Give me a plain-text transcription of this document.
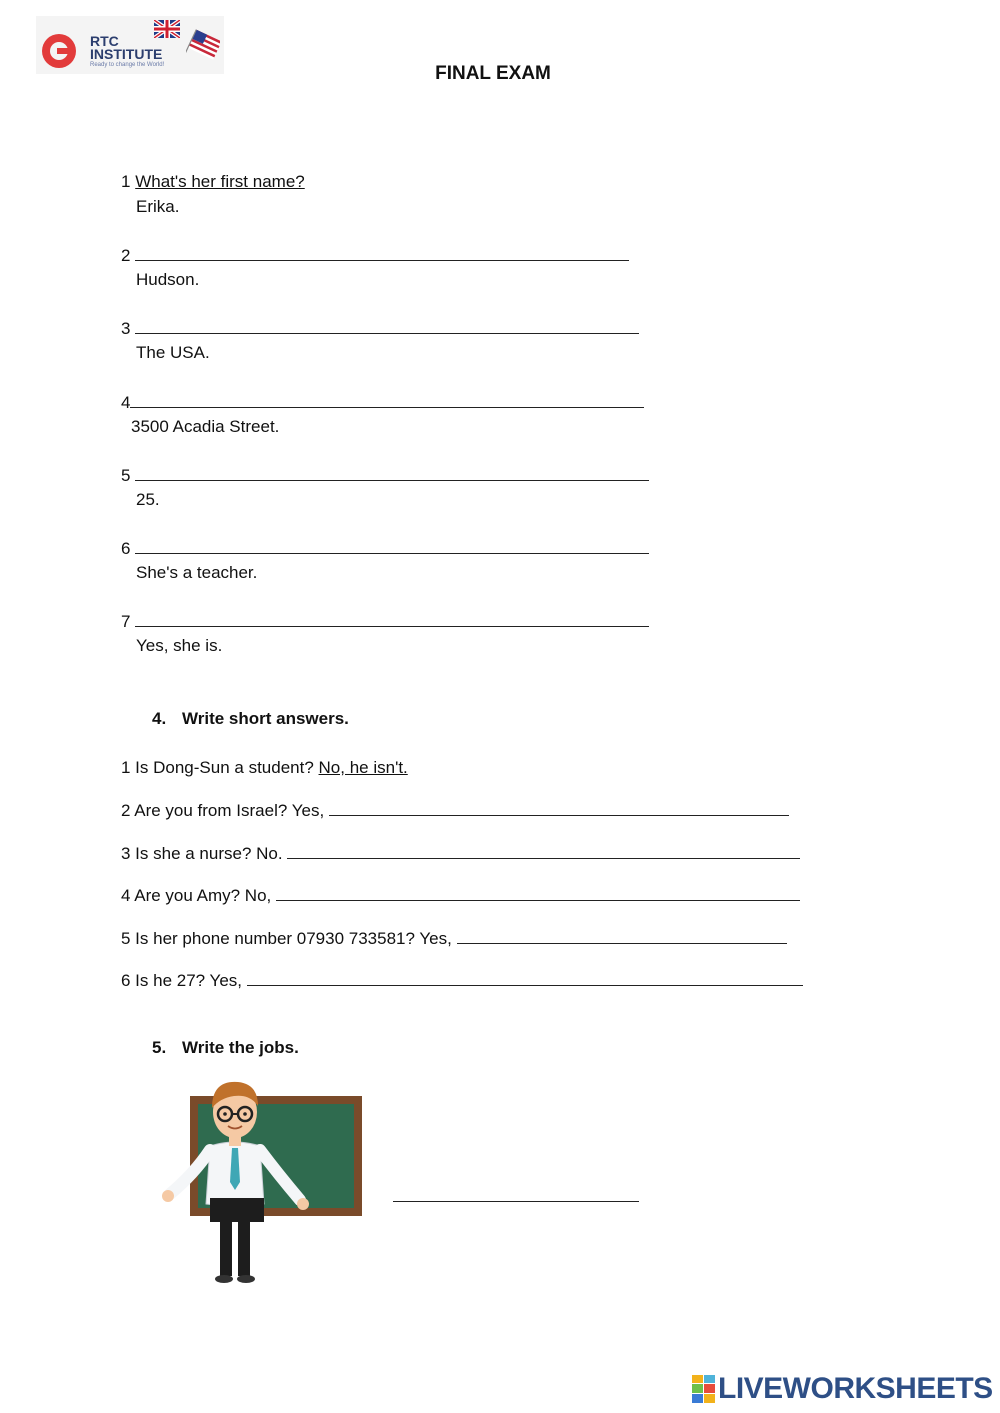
RTC
INSTITUTE
Ready to change the World!	FINAL EXAM
1 What's her first name?
Erika.
2
Hudson.
3
The USA.
4
3500 Acadia Street.
5
25.
6
She's a teacher.
7
Yes, she is.
4. Write short answers.
1 Is Dong-Sun a student? No, he isn't.
2 Are you from Israel? Yes,
3 Is she a nurse? No.
4 Are you Amy? No,
5 Is her phone number 07930 733581? Yes,
6 Is he 27? Yes,
5. Write the jobs.
LIVEWORKSHEETS
